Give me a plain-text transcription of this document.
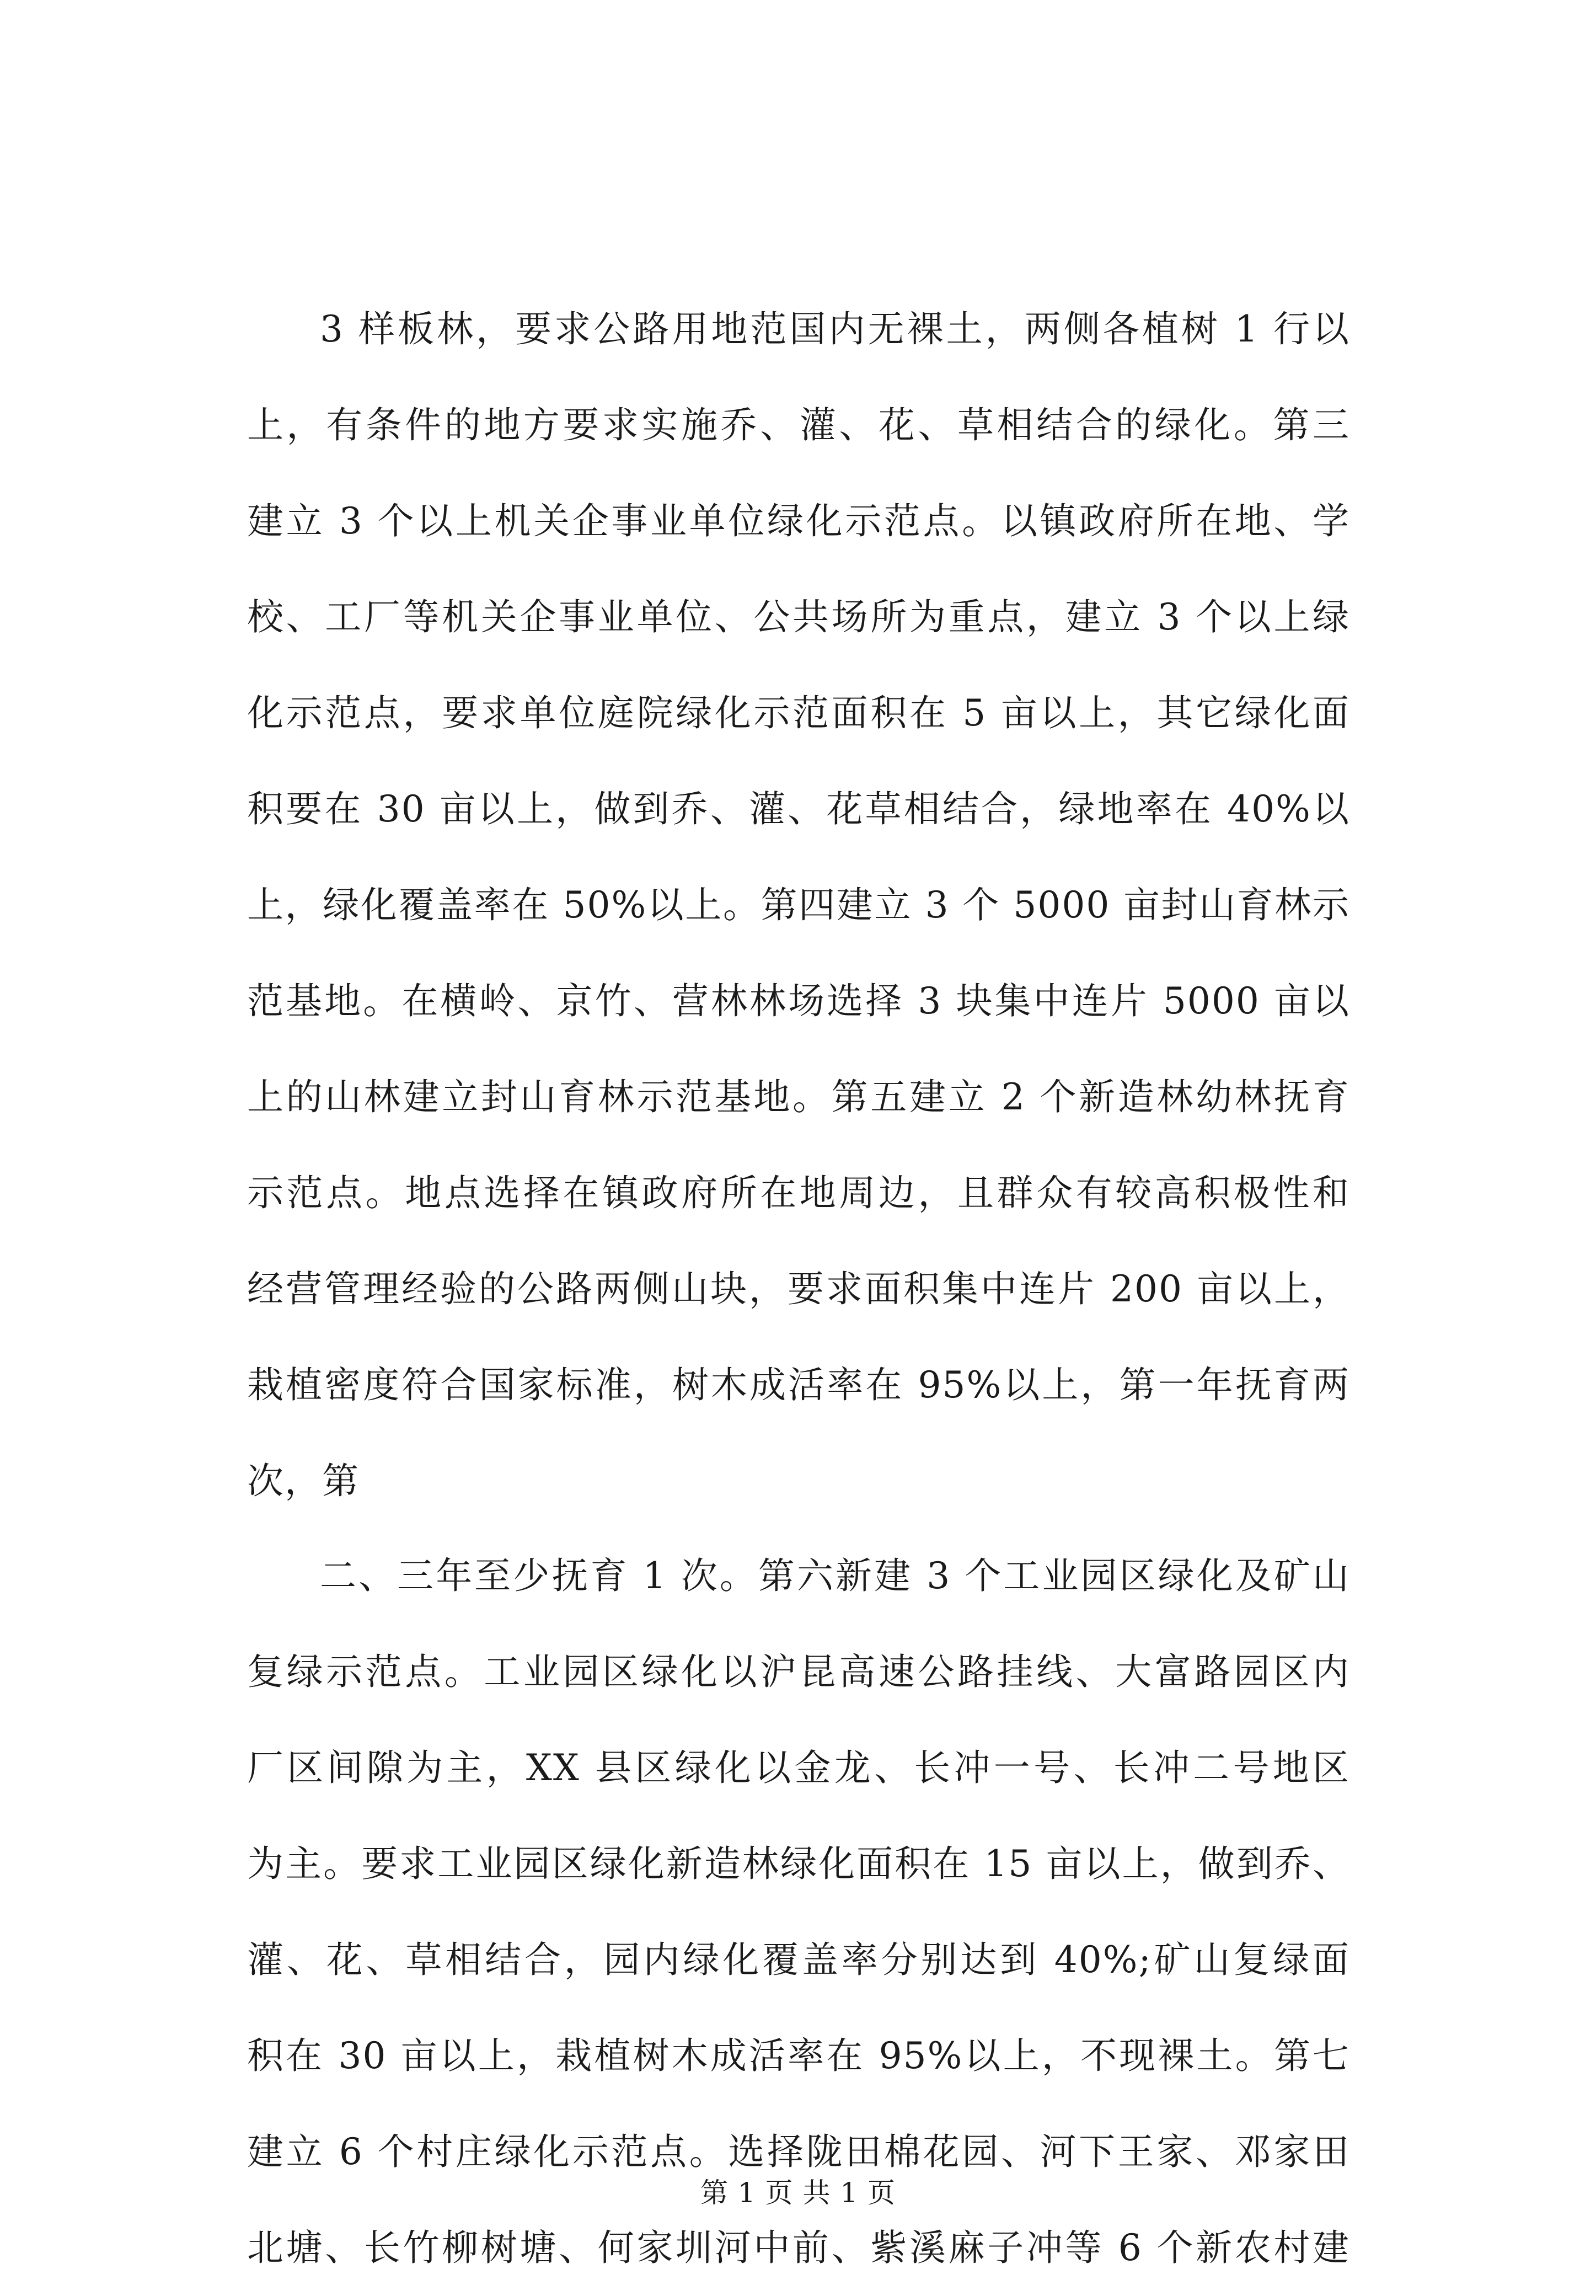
3 样板林，要求公路用地范国内无裸土，两侧各植树 1 行以
上，有条件的地方要求实施乔、灌、花、草相结合的绿化。第三
建立 3 个以上机关企事业单位绿化示范点。以镇政府所在地、学
校、工厂等机关企事业单位、公共场所为重点，建立 3 个以上绿
化示范点，要求单位庭院绿化示范面积在 5 亩以上，其它绿化面
积要在 30 亩以上，做到乔、灌、花草相结合，绿地率在 40%以
上，绿化覆盖率在 50%以上。第四建立 3 个 5000 亩封山育林示
范基地。在横岭、京竹、营林林场选择 3 块集中连片 5000 亩以
上的山林建立封山育林示范基地。第五建立 2 个新造林幼林抚育
示范点。地点选择在镇政府所在地周边，且群众有较高积极性和
经营管理经验的公路两侧山块，要求面积集中连片 200 亩以上，
栽植密度符合国家标准，树木成活率在 95%以上，第一年抚育两
次，第
二、三年至少抚育 1 次。第六新建 3 个工业园区绿化及矿山
复绿示范点。工业园区绿化以沪昆高速公路挂线、大富路园区内
厂区间隙为主，XX 县区绿化以金龙、长冲一号、长冲二号地区
为主。要求工业园区绿化新造林绿化面积在 15 亩以上，做到乔、
灌、花、草相结合，园内绿化覆盖率分别达到 40%;矿山复绿面
积在 30 亩以上，栽植树木成活率在 95%以上，不现裸土。第七
建立 6 个村庄绿化示范点。选择陇田棉花园、河下王家、邓家田
北塘、长竹柳树塘、何家圳河中前、紫溪麻子冲等 6 个新农村建
第 1 页 共 1 页
